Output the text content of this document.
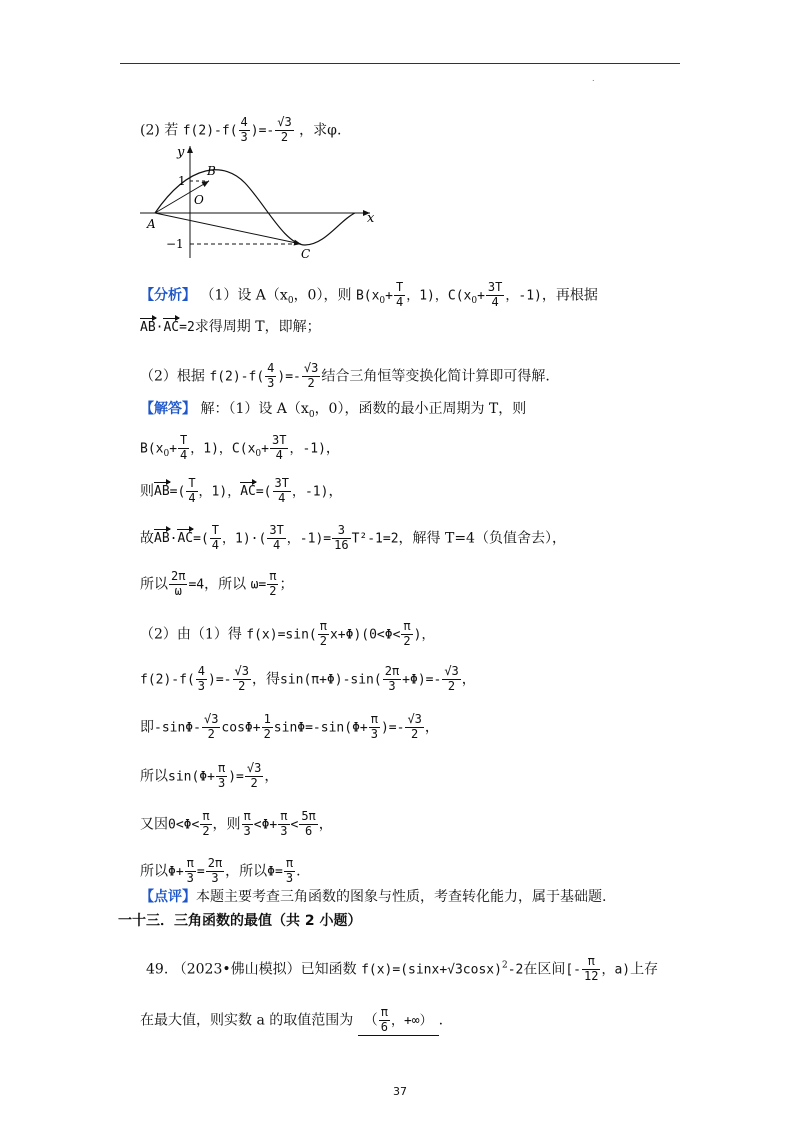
.
(2) 若 $f(2)-f( \frac{4}{3}$ )=- $\frac{√3}{2}$ ，求φ.
y
x
O
A
B
C
1
−1
【分析】 （1）设 $A(x_0$，0），则 $B(x_0+ \frac{T}{4}$ ，1)，$C(x_0+ \frac{3T}{4}$ ，-1)，再根据
AB·AC=2求得周期 T，即解；
（2）根据 $f(2)-f( \frac{4}{3}$ )=- $\frac{√3}{2}$ 结合三角恒等变换化简计算即可得解.
【解答】 解：（1）设 $A(x_0$，0），函数的最小正周期为 T，则
$B(x_0+ \frac{T}{4}$ ，1)，$C(x_0+ \frac{3T}{4}$ ，-1)，
则$AB=( \frac{T}{4}$ ，1)，$AC=( \frac{3T}{4}$ ，-1)，
故$AB\cdot AC=( \frac{T}{4}$ ，$1)\cdot( \frac{3T}{4}$ ，$-1)= \frac{3}{16} T^2-1=2$，解得 T=4（负值舍去），
所以 $\frac{2\pi}{\omega} =4$，所以 $\omega= \frac{\pi}{2}$ ；
（2）由（1）得 $f(x)=\sin( \frac{\pi}{2} x+\Phi)(0<\Phi< \frac{\pi}{2}$ )，
$f(2)-f( \frac{4}{3}$ )=- $\frac{√3}{2}$ ，得$\sin(\pi+\Phi)-\sin( \frac{2\pi}{3} +\Phi)=- \frac{√3}{2}$ ，
即$-\sin\Phi- \frac{√3}{2} \cos\Phi+ \frac{1}{2} \sin\Phi=-\sin(\Phi+ \frac{\pi}{3}$ )=- $\frac{√3}{2}$ ，
所以$\sin(\Phi+ \frac{\pi}{3}$ )= $\frac{√3}{2}$ ，
又因$0<\Phi< \frac{\pi}{2}$ ，则 $\frac{\pi}{3} <\Phi+ \frac{\pi}{3} < \frac{5\pi}{6}$ ，
所以$\Phi+ \frac{\pi}{3} = \frac{2\pi}{3}$ ，所以$\Phi= \frac{\pi}{3}$ .
【点评】本题主要考查三角函数的图象与性质，考查转化能力，属于基础题.
一十三．三角函数的最值（共 2 小题）
49. （2023•佛山模拟）已知函数 $f(x)=(\sin x+√3\cos x)^2-2$在区间[- $\frac{\pi}{12}$ ，a)上存
在最大值，则实数 a 的取值范围为 （ $\frac{\pi}{6}$ ，+∞） .
37
